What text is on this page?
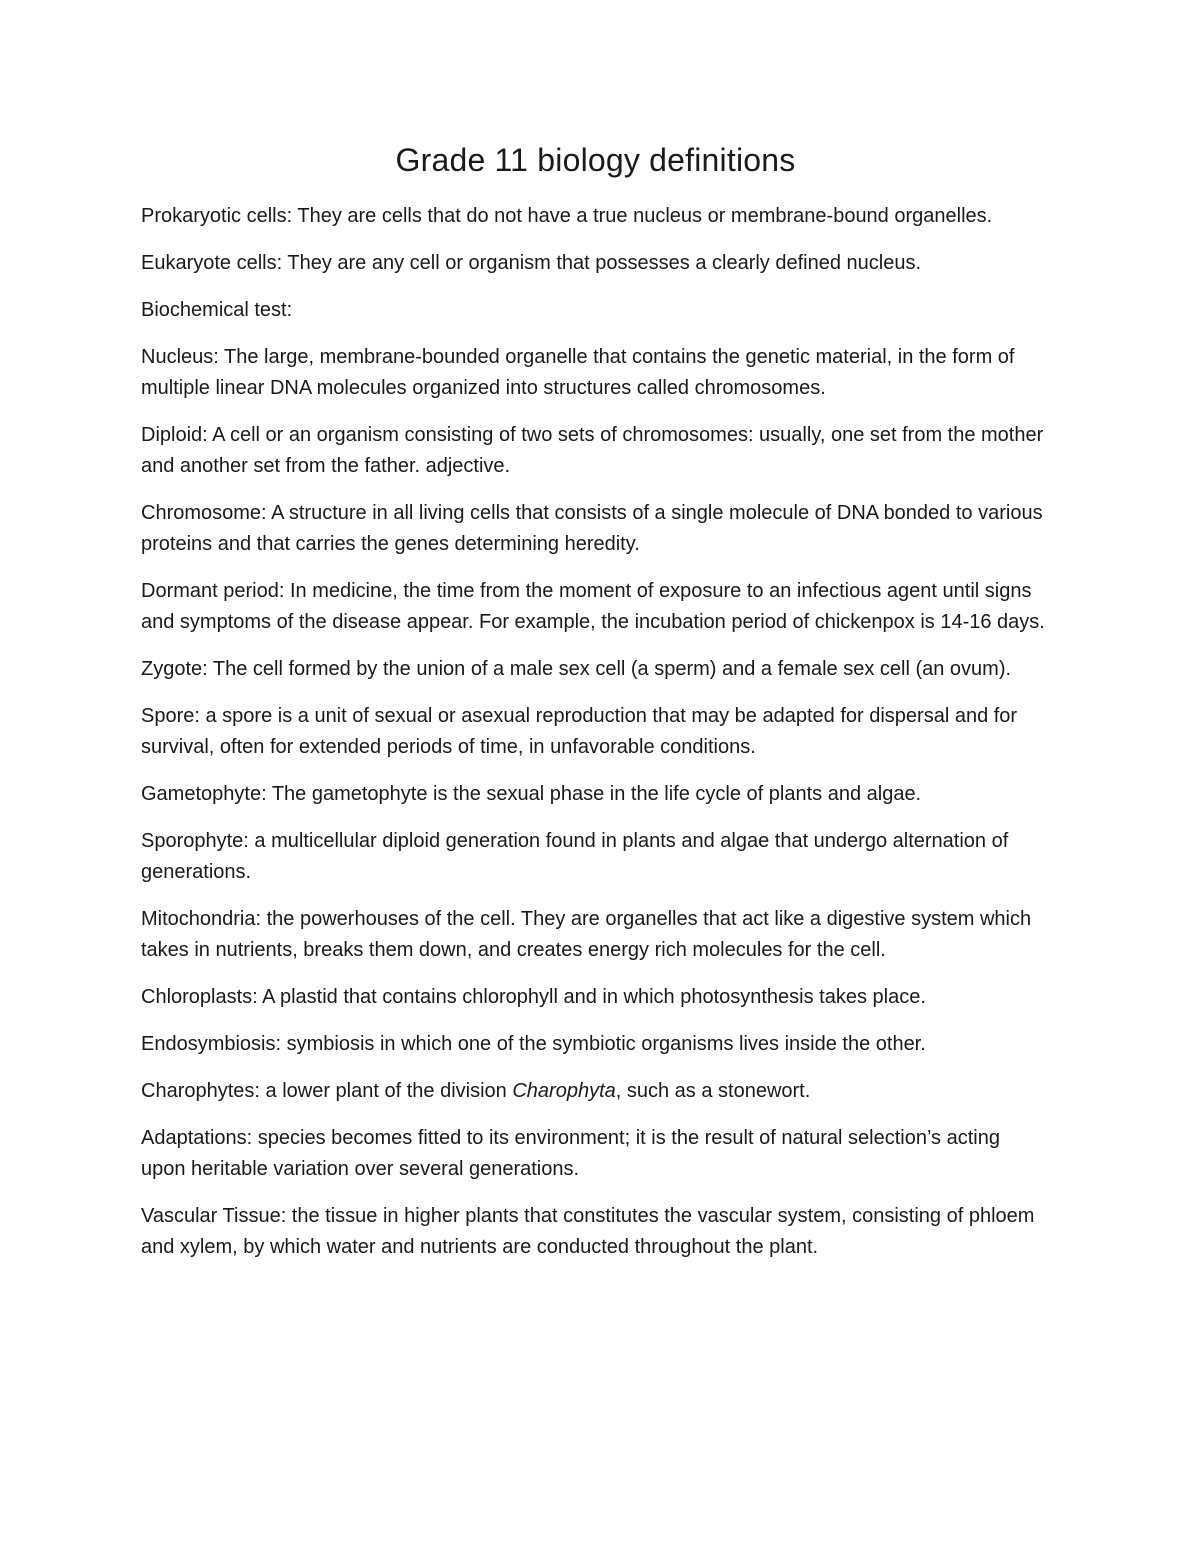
Grade 11 biology definitions

Prokaryotic cells: They are cells that do not have a true nucleus or membrane-bound organelles.

Eukaryote cells: They are any cell or organism that possesses a clearly defined nucleus.

Biochemical test:

Nucleus: The large, membrane-bounded organelle that contains the genetic material, in the form of multiple linear DNA molecules organized into structures called chromosomes.

Diploid: A cell or an organism consisting of two sets of chromosomes: usually, one set from the mother and another set from the father. adjective.

Chromosome: A structure in all living cells that consists of a single molecule of DNA bonded to various proteins and that carries the genes determining heredity.

Dormant period: In medicine, the time from the moment of exposure to an infectious agent until signs and symptoms of the disease appear. For example, the incubation period of chickenpox is 14-16 days.

Zygote: The cell formed by the union of a male sex cell (a sperm) and a female sex cell (an ovum).

Spore: a spore is a unit of sexual or asexual reproduction that may be adapted for dispersal and for survival, often for extended periods of time, in unfavorable conditions.

Gametophyte: The gametophyte is the sexual phase in the life cycle of plants and algae.

Sporophyte: a multicellular diploid generation found in plants and algae that undergo alternation of generations.

Mitochondria: the powerhouses of the cell. They are organelles that act like a digestive system which takes in nutrients, breaks them down, and creates energy rich molecules for the cell.

Chloroplasts: A plastid that contains chlorophyll and in which photosynthesis takes place.

Endosymbiosis: symbiosis in which one of the symbiotic organisms lives inside the other.

Charophytes: a lower plant of the division Charophyta, such as a stonewort.

Adaptations: species becomes fitted to its environment; it is the result of natural selection’s acting upon heritable variation over several generations.

Vascular Tissue: the tissue in higher plants that constitutes the vascular system, consisting of phloem and xylem, by which water and nutrients are conducted throughout the plant.
